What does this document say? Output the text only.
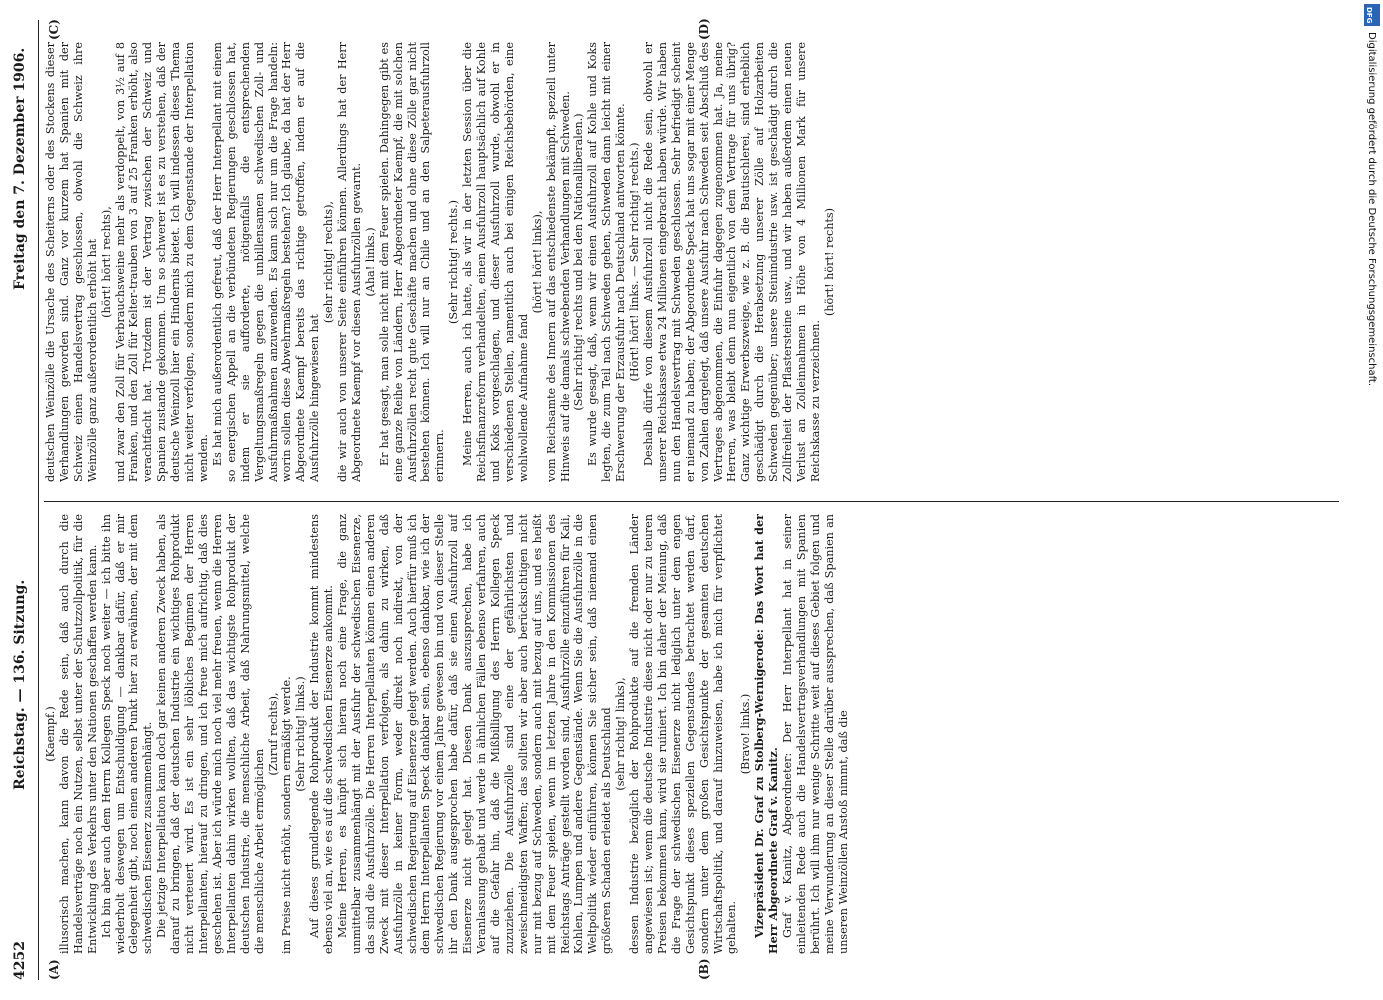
4252
Reichstag. — 136. Sitzung.
Freitag den 7. Dezember 1906.
(A)	(B)
(C)	(D)

(Kaempf.) illusorisch machen, kann davon die Rede sein, daß auch durch die Handelsverträge noch ein Nutzen, selbst unter der Schutzzollpolitik, für die Entwicklung des Verkehrs unter den Nationen geschaffen werden kann. Ich bin aber auch dem Herrn Kollegen Speck noch weiter — ich bitte ihn wiederholt deswegen um Entschuldigung — dankbar dafür, daß er mir Gelegenheit gibt, noch einen anderen Punkt hier zu erwähnen, der mit dem schwedischen Eisenerz zusammenhängt. Die jetzige Interpellation kann doch gar keinen anderen Zweck haben, als darauf zu bringen, daß der deutschen Industrie ein wichtiges Rohprodukt nicht verteuert wird. Es ist ein sehr löbliches Beginnen der Herren Interpellanten, hierauf zu dringen, und ich freue mich aufrichtig, daß dies geschehen ist. Aber ich würde mich noch viel mehr freuen, wenn die Herren Interpellanten dahin wirken wollten, daß das wichtigste Rohprodukt der deutschen Industrie, die menschliche Arbeit, daß Nahrungsmittel, welche die menschliche Arbeit ermöglichen

(Zuruf rechts), im Preise nicht erhöht, sondern ermäßigt werde. (Sehr richtig! links.) Auf dieses grundlegende Rohprodukt der Industrie kommt mindestens ebenso viel an, wie es auf die schwedischen Eisenerze ankommt. Meine Herren, es knüpft sich hieran noch eine Frage, die ganz unmittelbar zusammenhängt mit der Ausfuhr der schwedischen Eisenerze, das sind die Ausfuhrzölle. Die Herren Interpellanten können einen anderen Zweck mit dieser Interpellation verfolgen, als dahin zu wirken, daß Ausfuhrzölle in keiner Form, weder direkt noch indirekt, von der schwedischen Regierung auf Eisenerze gelegt werden. Auch hierfür muß ich dem Herrn Interpellanten Speck dankbar sein, ebenso dankbar, wie ich der schwedischen Regierung vor einem Jahre gewesen bin und von dieser Stelle ihr den Dank ausgesprochen habe dafür, daß sie einen Ausfuhrzoll auf Eisenerze nicht gelegt hat. Diesen Dank auszusprechen, habe ich Veranlassung gehabt und werde in ähnlichen Fällen ebenso verfahren, auch auf die Gefahr hin, daß die Mißbilligung des Herrn Kollegen Speck zuzuziehen. Die Ausfuhrzölle sind eine der gefährlichsten und zweischneidigsten Waffen; das sollten wir aber auch berücksichtigen nicht nur mit bezug auf Schweden, sondern auch mit bezug auf uns, und es heißt mit dem Feuer spielen, wenn im letzten Jahre in den Kommissionen des Reichstags Anträge gestellt worden sind, Ausfuhrzölle einzuführen für Kali, Kohlen, Lumpen und andere Gegenstände. Wenn Sie die Ausfuhrzölle in die Weltpolitik wieder einführen, können Sie sicher sein, daß niemand einen größeren Schaden erleidet als Deutschland (sehr richtig! links), dessen Industrie bezüglich der Rohprodukte auf die fremden Länder angewiesen ist; wenn die deutsche Industrie diese nicht oder nur zu teuren Preisen bekommen kann, wird sie ruiniert. Ich bin daher der Meinung, daß die Frage der schwedischen Eisenerze nicht lediglich unter dem engen Gesichtspunkt dieses speziellen Gegenstandes betrachtet werden darf, sondern unter dem großen Gesichtspunkte der gesamten deutschen Wirtschaftspolitik, und darauf hinzuweisen, habe ich mich für verpflichtet gehalten.

(Bravo! links.) Vizepräsident Dr. Graf zu Stolberg-Wernigerode: Das Wort hat der Herr Abgeordnete Graf v. Kanitz. Graf v. Kanitz, Abgeordneter: Der Herr Interpellant hat in seiner einleitenden Rede auch die Handelsvertragsverhandlungen mit Spanien berührt. Ich will ihm nur wenige Schritte weit auf dieses Gebiet folgen und meine Verwunderung an dieser Stelle darüber aussprechen, daß Spanien an unseren Weinzöllen Anstoß nimmt, daß die

deutschen Weinzölle die Ursache des Scheiterns oder des Stockens dieser Verhandlungen geworden sind. Ganz vor kurzem hat Spanien mit der Schweiz einen Handelsvertrag geschlossen, obwohl die Schweiz ihre Weinzölle ganz außerordentlich erhöht hat (hört! hört! rechts), und zwar den Zoll für Verbrauchsweine mehr als verdoppelt, von 3½ auf 8 Franken, und den Zoll für Kelter-trauben von 3 auf 25 Franken erhöht, also verachtfacht hat. Trotzdem ist der Vertrag zwischen der Schweiz und Spanien zustande gekommen. Um so schwerer ist es zu verstehen, daß der deutsche Weinzoll hier ein Hindernis bietet. Ich will indessen dieses Thema nicht weiter verfolgen, sondern mich zu dem Gegenstande der Interpellation wenden. Es hat mich außerordentlich gefreut, daß der Herr Interpellant mit einem so energischen Appell an die verbündeten Regierungen geschlossen hat, indem er sie aufforderte, nötigenfalls die entsprechenden Vergeltungsmaßregeln gegen die unbillensamen schwedischen Zoll- und Ausfuhrmaßnahmen anzuwenden. Es kann sich nur um die Frage handeln: worin sollen diese Abwehrmaßregeln bestehen? Ich glaube, da hat der Herr Abgeordnete Kaempf bereits das richtige getroffen, indem er auf die Ausfuhrzölle hingewiesen hat

(sehr richtig! rechts), die wir auch von unserer Seite einführen können. Allerdings hat der Herr Abgeordnete Kaempf vor diesen Ausfuhrzöllen gewarnt. (Aha! links.) Er hat gesagt, man solle nicht mit dem Feuer spielen. Dahingegen gibt es eine ganze Reihe von Ländern, Herr Abgeordneter Kaempf, die mit solchen Ausfuhrzöllen recht gute Geschäfte machen und ohne diese Zölle gar nicht bestehen können. Ich will nur an Chile und an den Salpeterausfuhrzoll erinnern.

(Sehr richtig! rechts.) Meine Herren, auch ich hatte, als wir in der letzten Session über die Reichsfinanzreform verhandelten, einen Ausfuhrzoll hauptsächlich auf Kohle und Koks vorgeschlagen, und dieser Ausfuhrzoll wurde, obwohl er in verschiedenen Stellen, namentlich auch bei einigen Reichsbehörden, eine wohlwollende Aufnahme fand

(hört! hört! links), vom Reichsamte des Innern auf das entschiedenste bekämpft, speziell unter Hinweis auf die damals schwebenden Verhandlungen mit Schweden. (Sehr richtig! rechts und bei den Nationalliberalen.) Es wurde gesagt, daß, wenn wir einen Ausfuhrzoll auf Kohle und Koks legten, die zum Teil nach Schweden gehen, Schweden dann leicht mit einer Erschwerung der Erzausfuhr nach Deutschland antworten könnte. (Hört! hört! links. — Sehr richtig! rechts.) Deshalb dürfe von diesem Ausfuhrzoll nicht die Rede sein, obwohl er unserer Reichskasse etwa 24 Millionen eingebracht haben würde. Wir haben nun den Handelsvertrag mit Schweden geschlossen. Sehr befriedigt scheint er niemand zu haben; der Abgeordnete Speck hat uns sogar mit einer Menge von Zahlen dargelegt, daß unsere Ausfuhr nach Schweden seit Abschluß des Vertrages abgenommen, die Einfuhr dagegen zugenommen hat. Ja, meine Herren, was bleibt denn nun eigentlich von dem Vertrage für uns übrig? Ganz wichtige Erwerbszweige, wie z. B. die Bautischlerei, sind erheblich geschädigt durch die Herabsetzung unserer Zölle auf Holzarbeiten Schweden gegenüber; unsere Steinindustrie usw. ist geschädigt durch die Zollfreiheit der Pflastersteine usw., und wir haben außerdem einen neuen Verlust an Zolleinnahmen in Höhe von 4 Millionen Mark für unsere Reichskasse zu verzeichnen.

(hört! hört! rechts)

DFG
Digitalisierung gefördert durch die Deutsche Forschungsgemeinschaft.
